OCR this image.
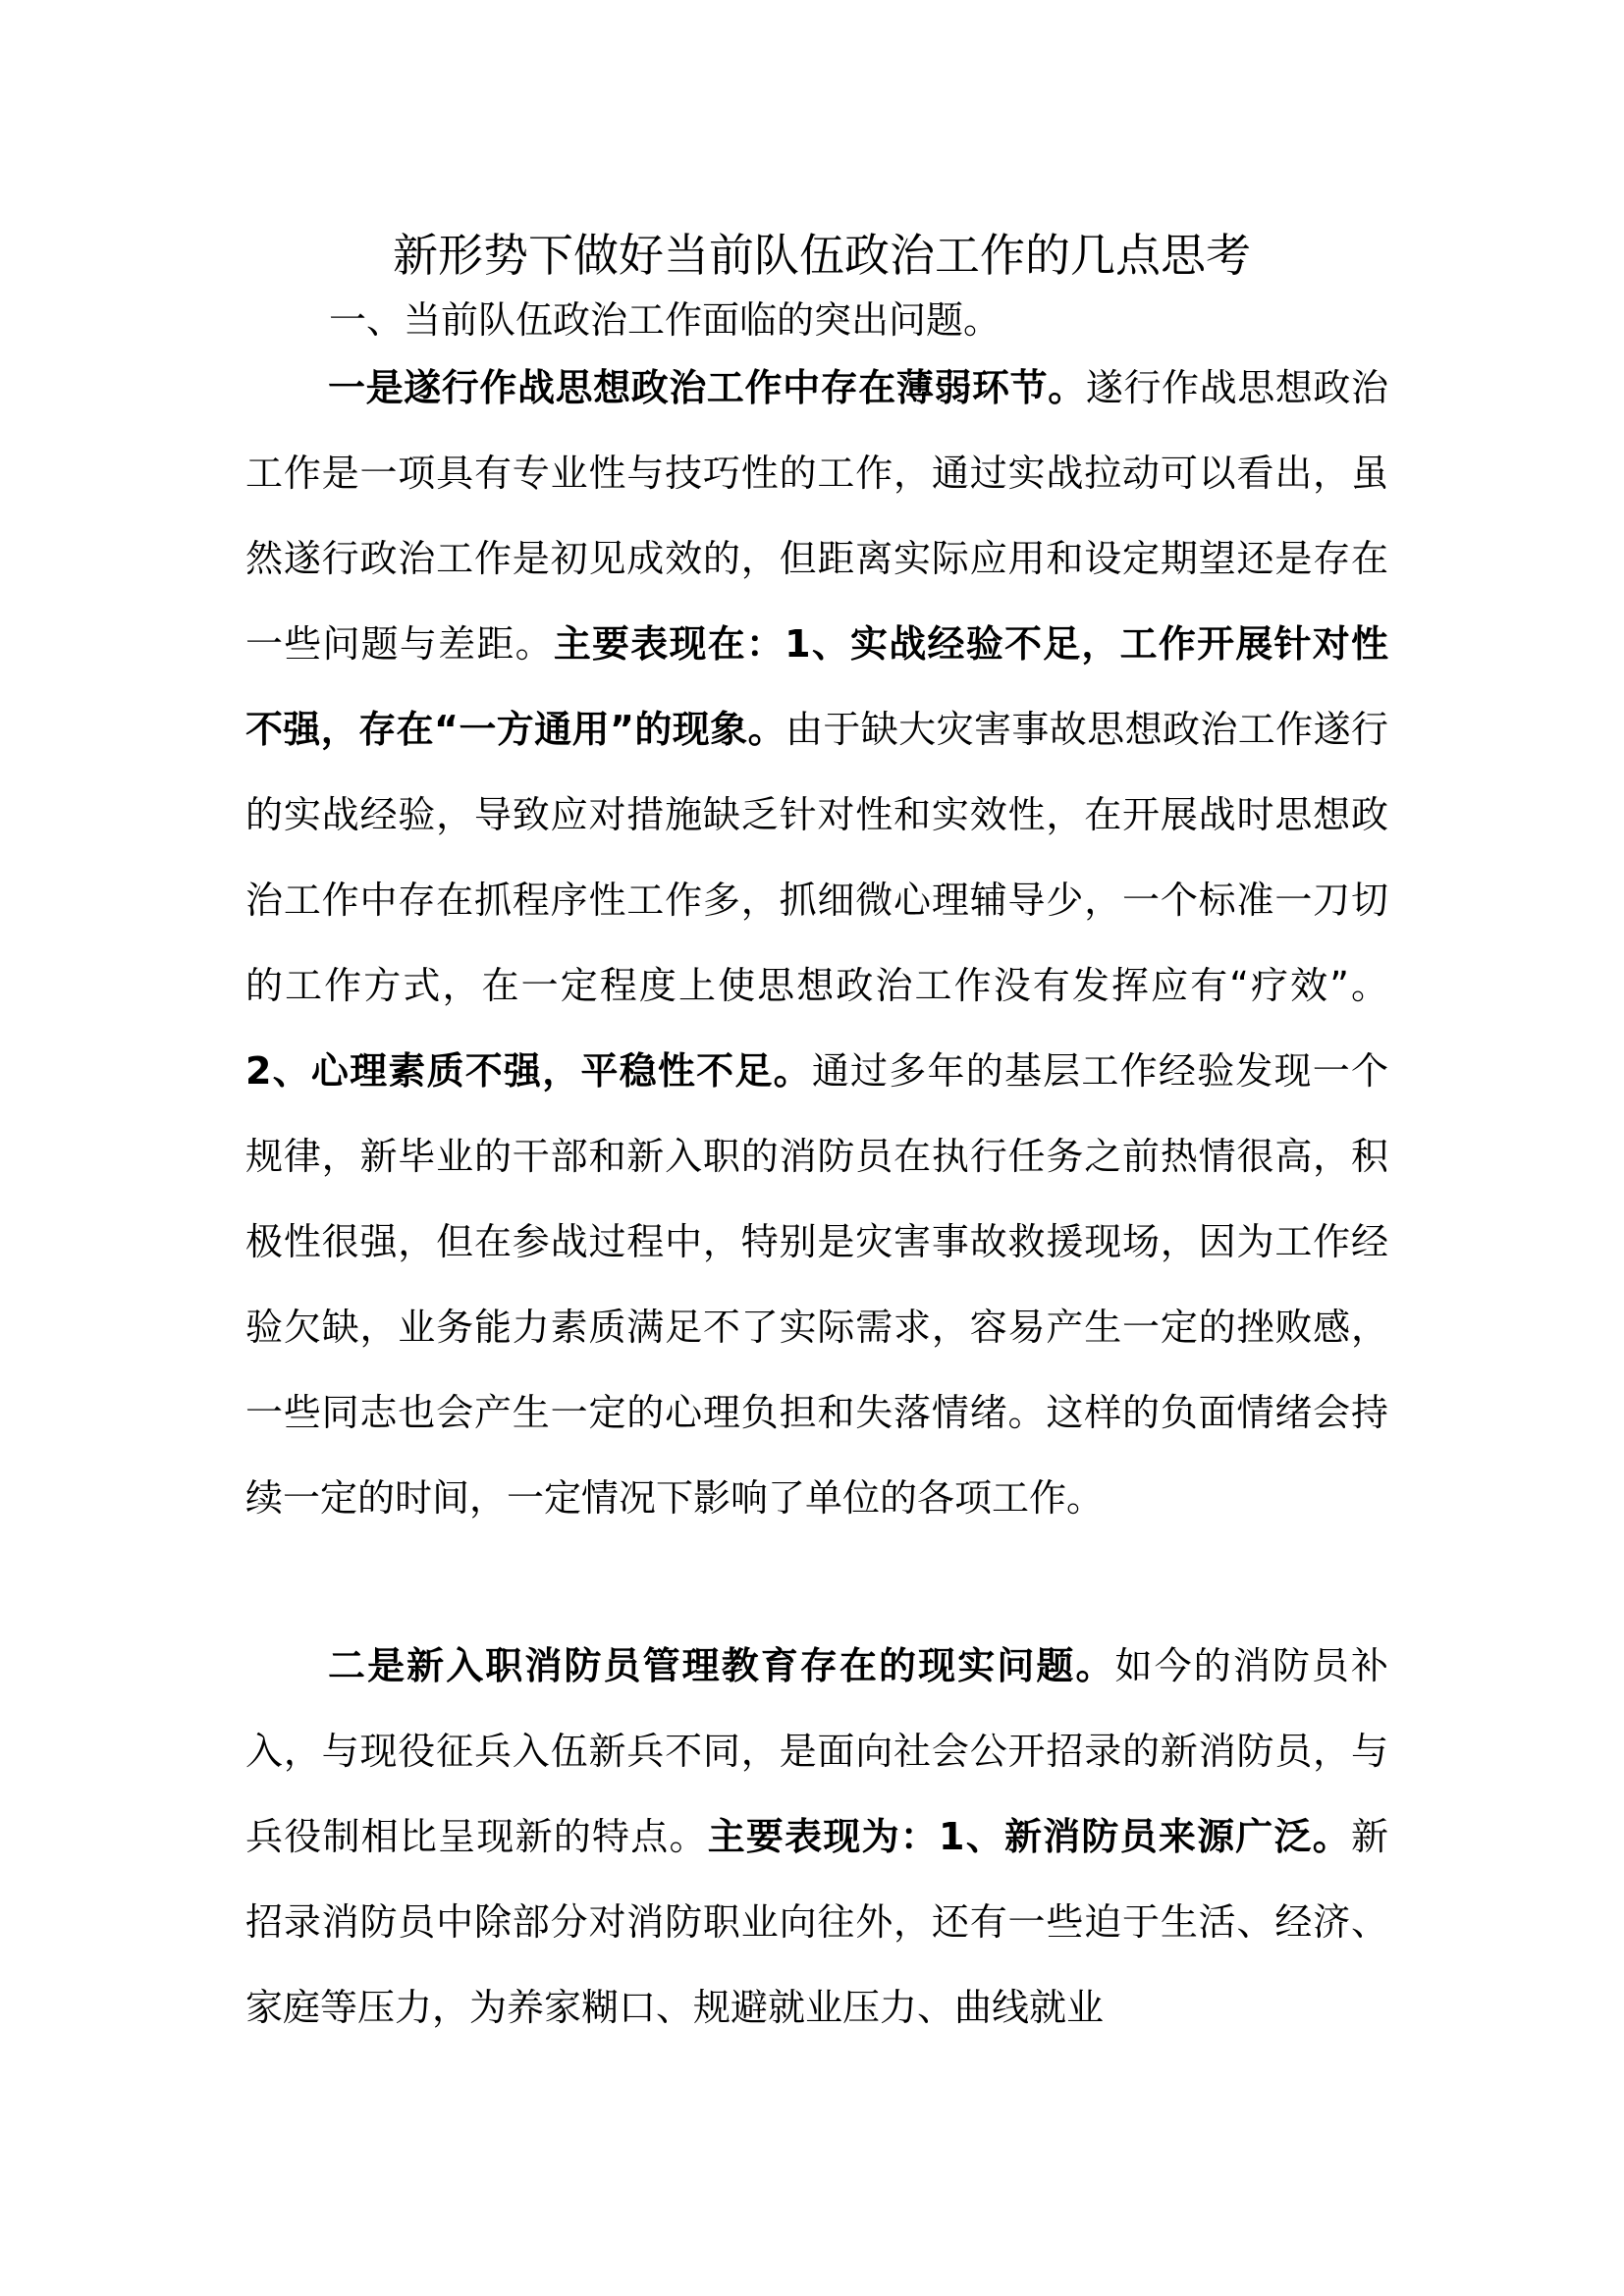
新形势下做好当前队伍政治工作的几点思考

一、当前队伍政治工作面临的突出问题。

一是遂行作战思想政治工作中存在薄弱环节。遂行作战思想政治工作是一项具有专业性与技巧性的工作，通过实战拉动可以看出，虽然遂行政治工作是初见成效的，但距离实际应用和设定期望还是存在一些问题与差距。主要表现在：1、实战经验不足，工作开展针对性不强，存在“一方通用”的现象。由于缺大灾害事故思想政治工作遂行的实战经验，导致应对措施缺乏针对性和实效性，在开展战时思想政治工作中存在抓程序性工作多，抓细微心理辅导少，一个标准一刀切的工作方式，在一定程度上使思想政治工作没有发挥应有“疗效”。2、心理素质不强，平稳性不足。通过多年的基层工作经验发现一个规律，新毕业的干部和新入职的消防员在执行任务之前热情很高，积极性很强，但在参战过程中，特别是灾害事故救援现场，因为工作经验欠缺，业务能力素质满足不了实际需求，容易产生一定的挫败感，一些同志也会产生一定的心理负担和失落情绪。这样的负面情绪会持续一定的时间，一定情况下影响了单位的各项工作。

二是新入职消防员管理教育存在的现实问题。如今的消防员补入，与现役征兵入伍新兵不同，是面向社会公开招录的新消防员，与兵役制相比呈现新的特点。主要表现为：1、新消防员来源广泛。新招录消防员中除部分对消防职业向往外，还有一些迫于生活、经济、家庭等压力，为养家糊口、规避就业压力、曲线就业
